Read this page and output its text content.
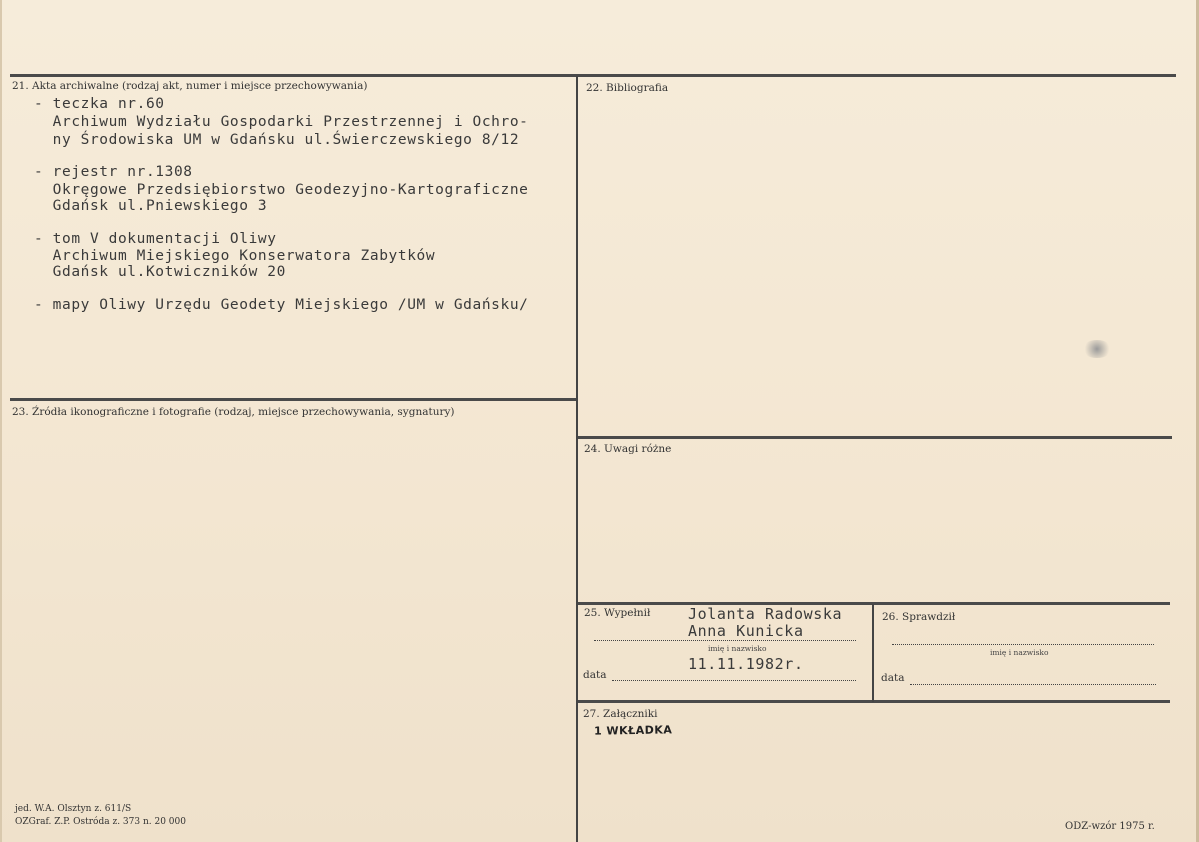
21. Akta archiwalne (rodzaj akt, numer i miejsce przechowywania)
- teczka nr.60
Archiwum Wydziału Gospodarki Przestrzennej i Ochro-
ny Środowiska UM w Gdańsku ul.Świerczewskiego 8/12
- rejestr nr.1308
Okręgowe Przedsiębiorstwo Geodezyjno-Kartograficzne
Gdańsk ul.Pniewskiego 3
- tom V dokumentacji Oliwy
Archiwum Miejskiego Konserwatora Zabytków
Gdańsk ul.Kotwiczników 20
- mapy Oliwy Urzędu Geodety Miejskiego /UM w Gdańsku/
22. Bibliografia
23. Źródła ikonograficzne i fotografie (rodzaj, miejsce przechowywania, sygnatury)
24. Uwagi różne
25. Wypełnił	Jolanta Radowska
Anna Kunicka
imię i nazwisko
11.11.1982r.
data
26. Sprawdził
imię i nazwisko
data
27. Załączniki
1 WKŁADKA
jed. W.A. Olsztyn z. 611/S
OZGraf. Z.P. Ostróda z. 373 n. 20 000	ODZ-wzór 1975 r.
